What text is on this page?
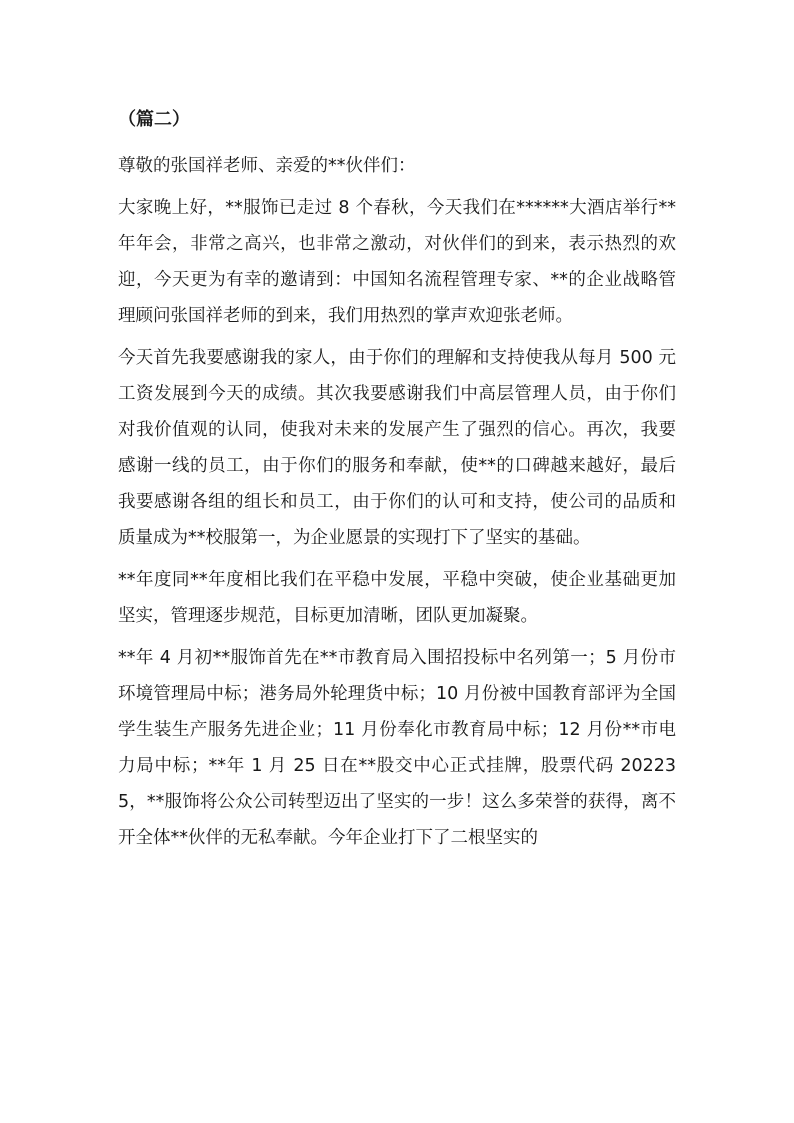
（篇二）

尊敬的张国祥老师、亲爱的**伙伴们：

大家晚上好，**服饰已走过 8 个春秋，今天我们在******大酒店举行**年年会，非常之高兴，也非常之激动，对伙伴们的到来，表示热烈的欢迎，今天更为有幸的邀请到：中国知名流程管理专家、**的企业战略管理顾问张国祥老师的到来，我们用热烈的掌声欢迎张老师。

今天首先我要感谢我的家人，由于你们的理解和支持使我从每月 500 元工资发展到今天的成绩。其次我要感谢我们中高层管理人员，由于你们对我价值观的认同，使我对未来的发展产生了强烈的信心。再次，我要感谢一线的员工，由于你们的服务和奉献，使**的口碑越来越好，最后我要感谢各组的组长和员工，由于你们的认可和支持，使公司的品质和质量成为**校服第一，为企业愿景的实现打下了坚实的基础。

**年度同**年度相比我们在平稳中发展，平稳中突破，使企业基础更加坚实，管理逐步规范，目标更加清晰，团队更加凝聚。

**年 4 月初**服饰首先在**市教育局入围招投标中名列第一；5 月份市环境管理局中标；港务局外轮理货中标；10 月份被中国教育部评为全国学生装生产服务先进企业；11 月份奉化市教育局中标；12 月份**市电力局中标；**年 1 月 25 日在**股交中心正式挂牌，股票代码 202235，**服饰将公众公司转型迈出了坚实的一步！这么多荣誉的获得，离不开全体**伙伴的无私奉献。今年企业打下了二根坚实的
